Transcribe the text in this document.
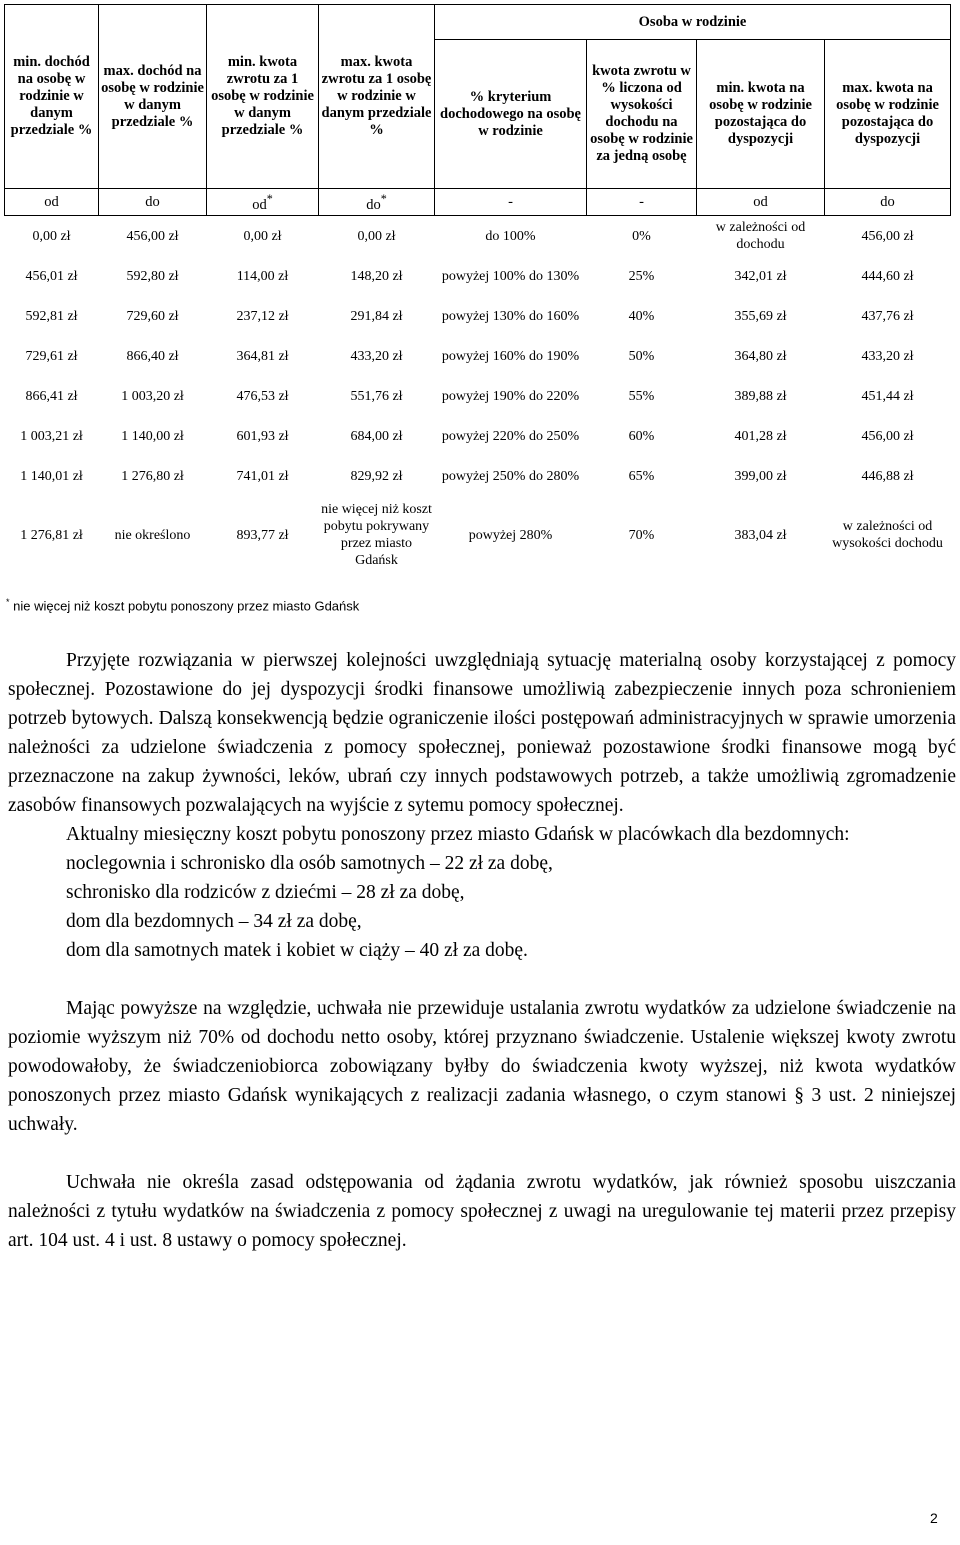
min. dochód na osobę w rodzinie w danym przedziale %	max. dochód na osobę w rodzinie w danym przedziale %	min. kwota zwrotu za 1 osobę w rodzinie w danym przedziale %	max. kwota zwrotu za 1 osobę w rodzinie w danym przedziale %	Osoba w rodzinie			
				% kryterium dochodowego na osobę w rodzinie	kwota zwrotu w % liczona od wysokości dochodu na osobę w rodzinie za jedną osobę	min. kwota na osobę w rodzinie pozostająca do dyspozycji	max. kwota na osobę w rodzinie pozostająca do dyspozycji
od	do	od*	do*	-	-	od	do
0,00 zł	456,00 zł	0,00 zł	0,00 zł	do 100%	0%	w zależności od dochodu	456,00 zł
456,01 zł	592,80 zł	114,00 zł	148,20 zł	powyżej 100% do 130%	25%	342,01 zł	444,60 zł
592,81 zł	729,60 zł	237,12 zł	291,84 zł	powyżej 130% do 160%	40%	355,69 zł	437,76 zł
729,61 zł	866,40 zł	364,81 zł	433,20 zł	powyżej 160% do 190%	50%	364,80 zł	433,20 zł
866,41 zł	1 003,20 zł	476,53 zł	551,76 zł	powyżej 190% do 220%	55%	389,88 zł	451,44 zł
1 003,21 zł	1 140,00 zł	601,93 zł	684,00 zł	powyżej 220% do 250%	60%	401,28 zł	456,00 zł
1 140,01 zł	1 276,80 zł	741,01 zł	829,92 zł	powyżej 250% do 280%	65%	399,00 zł	446,88 zł
1 276,81 zł	nie określono	893,77 zł	nie więcej niż koszt pobytu pokrywany przez miasto Gdańsk	powyżej 280%	70%	383,04 zł	w zależności od wysokości dochodu
* nie więcej niż koszt pobytu ponoszony przez miasto Gdańsk

Przyjęte rozwiązania w pierwszej kolejności uwzględniają sytuację materialną osoby korzystającej z pomocy społecznej. Pozostawione do jej dyspozycji środki finansowe umożliwią zabezpieczenie innych poza schronieniem potrzeb bytowych. Dalszą konsekwencją będzie ograniczenie ilości postępowań administracyjnych w sprawie umorzenia należności za udzielone świadczenia z pomocy społecznej, ponieważ pozostawione środki finansowe mogą być przeznaczone na zakup żywności, leków, ubrań czy innych podstawowych potrzeb, a także umożliwią zgromadzenie zasobów finansowych pozwalających na wyjście z sytemu pomocy społecznej.

Aktualny miesięczny koszt pobytu ponoszony przez miasto Gdańsk w placówkach dla bezdomnych:

noclegownia i schronisko dla osób samotnych – 22 zł za dobę,
schronisko dla rodziców z dziećmi – 28 zł za dobę,
dom dla bezdomnych – 34 zł za dobę,
dom dla samotnych matek i kobiet w ciąży – 40 zł za dobę.

Mając powyższe na względzie, uchwała nie przewiduje ustalania zwrotu wydatków za udzielone świadczenie na poziomie wyższym niż 70% od dochodu netto osoby, której przyznano świadczenie. Ustalenie większej kwoty zwrotu powodowałoby, że świadczeniobiorca zobowiązany byłby do świadczenia kwoty wyższej, niż kwota wydatków ponoszonych przez miasto Gdańsk wynikających z realizacji zadania własnego, o czym stanowi § 3 ust. 2 niniejszej uchwały.

Uchwała nie określa zasad odstępowania od żądania zwrotu wydatków, jak również sposobu uiszczania należności z tytułu wydatków na świadczenia z pomocy społecznej z uwagi na uregulowanie tej materii przez przepisy art. 104 ust. 4 i ust. 8 ustawy o pomocy społecznej.

2
